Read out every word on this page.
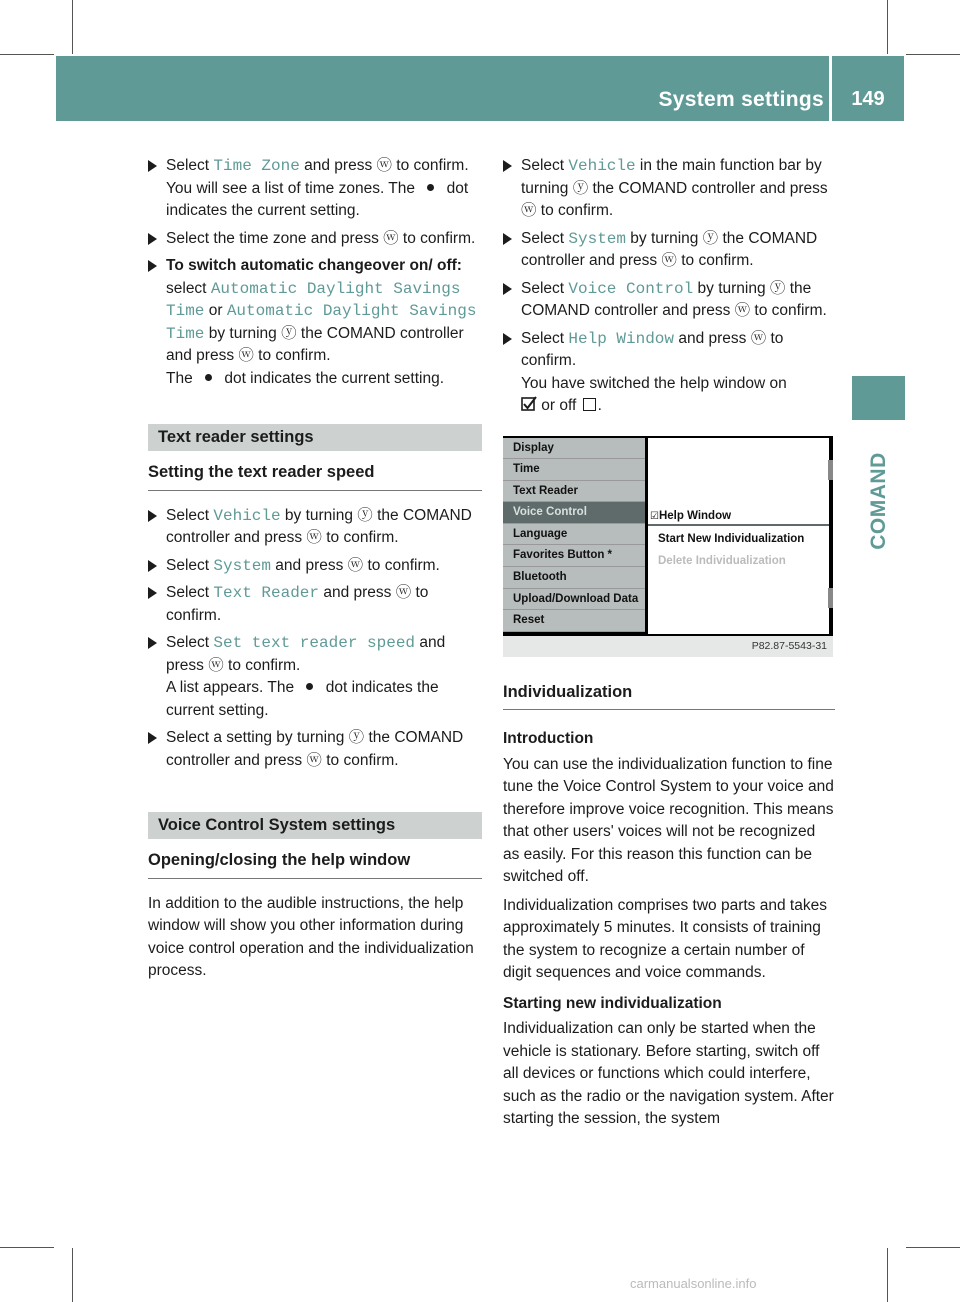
System settings	149
COMAND

Select Time Zone and press ⓦ to confirm. You will see a list of time zones. The  dot indicates the current setting.

Select the time zone and press ⓦ to confirm.

To switch automatic changeover on/ off: select Automatic Daylight Savings Time or Automatic Daylight Savings Time by turning ⓨ the COMAND controller and press ⓦ to confirm.

The  dot indicates the current setting.

Text reader settings
Setting the text reader speed

Select Vehicle by turning ⓨ the COMAND controller and press ⓦ to confirm.

Select System and press ⓦ to confirm.

Select Text Reader and press ⓦ to confirm.

Select Set text reader speed and press ⓦ to confirm.

A list appears. The  dot indicates the current setting.

Select a setting by turning ⓨ the COMAND controller and press ⓦ to confirm.

Voice Control System settings
Opening/closing the help window

In addition to the audible instructions, the help window will show you other information during voice control operation and the individualization process.

Select Vehicle in the main function bar by turning ⓨ the COMAND controller and press ⓦ to confirm.

Select System by turning ⓨ the COMAND controller and press ⓦ to confirm.

Select Voice Control by turning ⓨ the COMAND controller and press ⓦ to confirm.

Select Help Window and press ⓦ to confirm.

You have switched the help window on

or off .

Display
Time
Text Reader
Voice Control
Language
Favorites Button *
Bluetooth
Upload/Download Data
Reset
☑Help Window
Start New Individualization
Delete Individualization
P82.87-5543-31
Individualization

Introduction

You can use the individualization function to fine tune the Voice Control System to your voice and therefore improve voice recognition. This means that other users' voices will not be recognized as easily. For this reason this function can be switched off.

Individualization comprises two parts and takes approximately 5 minutes. It consists of training the system to recognize a certain number of digit sequences and voice commands.

Starting new individualization

Individualization can only be started when the vehicle is stationary. Before starting, switch off all devices or functions which could interfere, such as the radio or the navigation system. After starting the session, the system

carmanualsonline.info
